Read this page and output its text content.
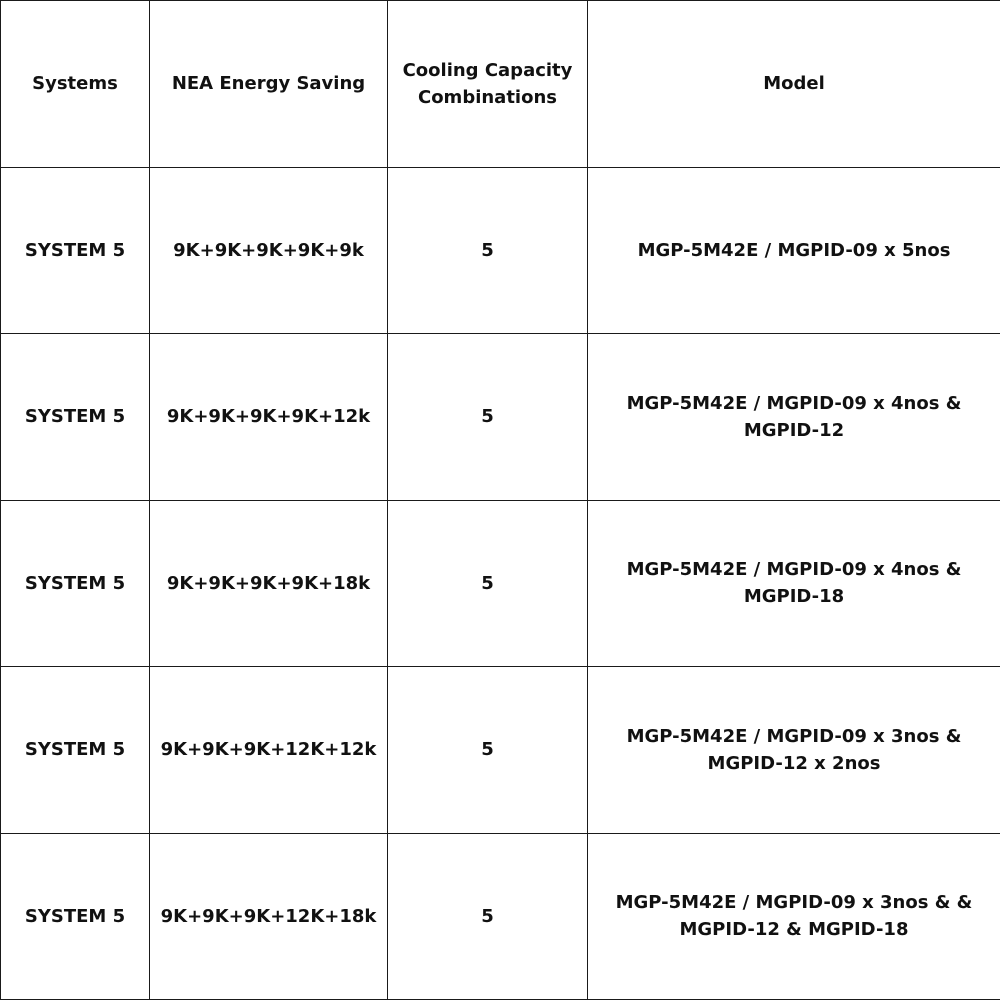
Systems	NEA Energy Saving	Cooling Capacity
Combinations	Model
SYSTEM 5	9K+9K+9K+9K+9k	5	MGP-5M42E / MGPID-09 x 5nos
SYSTEM 5	9K+9K+9K+9K+12k	5	MGP-5M42E / MGPID-09 x 4nos & MGPID-12
SYSTEM 5	9K+9K+9K+9K+18k	5	MGP-5M42E / MGPID-09 x 4nos & MGPID-18
SYSTEM 5	9K+9K+9K+12K+12k	5	MGP-5M42E / MGPID-09 x 3nos & MGPID-12 x 2nos
SYSTEM 5	9K+9K+9K+12K+18k	5	MGP-5M42E / MGPID-09 x 3nos & & MGPID-12 & MGPID-18
